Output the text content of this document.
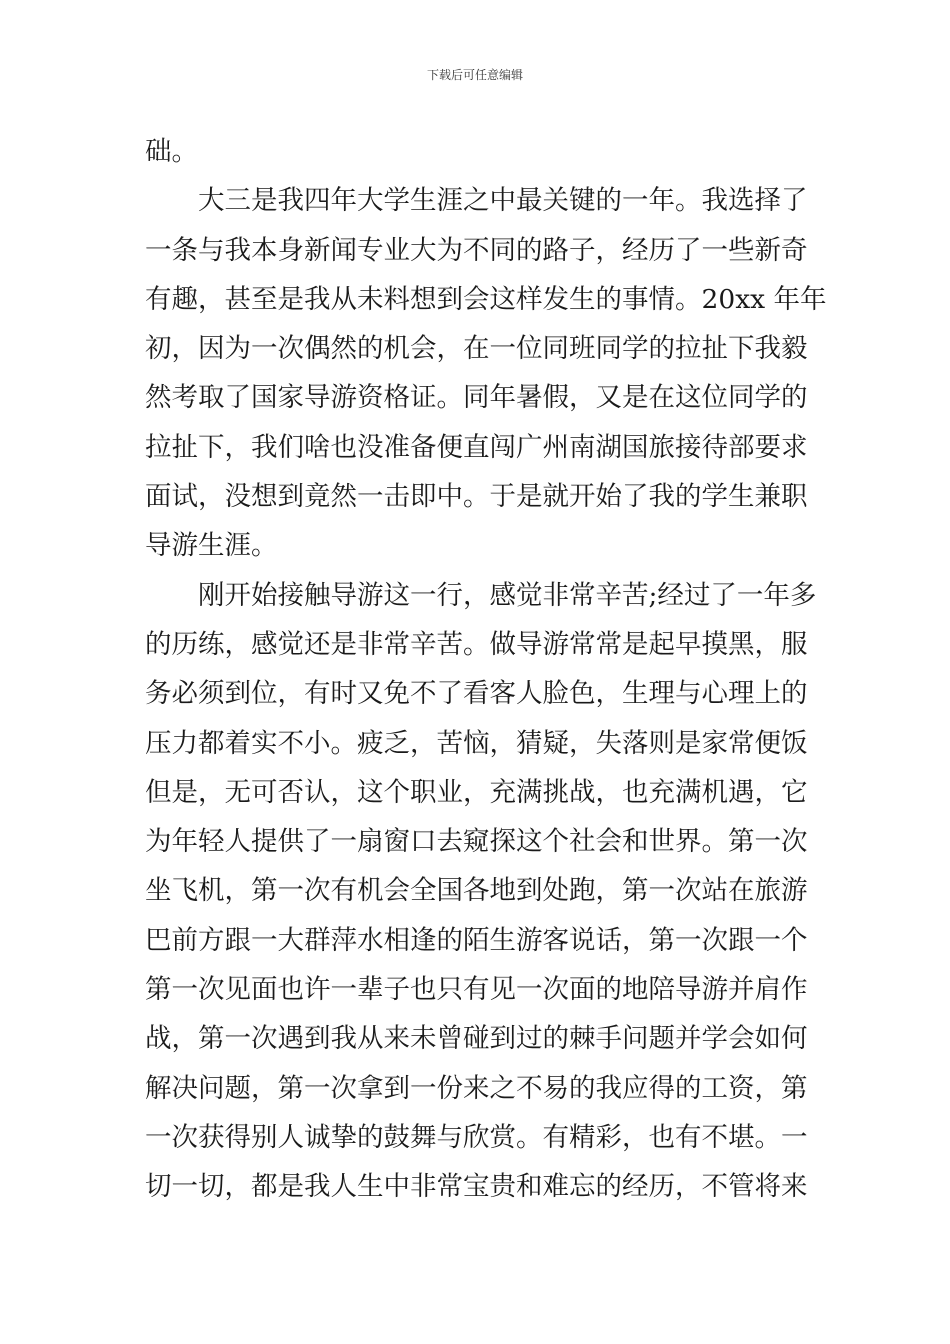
下载后可任意编辑

础。

大三是我四年大学生涯之中最关键的一年。我选择了
一条与我本身新闻专业大为不同的路子，经历了一些新奇
有趣，甚至是我从未料想到会这样发生的事情。20xx 年年
初，因为一次偶然的机会，在一位同班同学的拉扯下我毅
然考取了国家导游资格证。同年暑假，又是在这位同学的
拉扯下，我们啥也没准备便直闯广州南湖国旅接待部要求
面试，没想到竟然一击即中。于是就开始了我的学生兼职
导游生涯。

刚开始接触导游这一行，感觉非常辛苦;经过了一年多
的历练，感觉还是非常辛苦。做导游常常是起早摸黑，服
务必须到位，有时又免不了看客人脸色，生理与心理上的
压力都着实不小。疲乏，苦恼，猜疑，失落则是家常便饭
但是，无可否认，这个职业，充满挑战，也充满机遇，它
为年轻人提供了一扇窗口去窥探这个社会和世界。第一次
坐飞机，第一次有机会全国各地到处跑，第一次站在旅游
巴前方跟一大群萍水相逢的陌生游客说话，第一次跟一个
第一次见面也许一辈子也只有见一次面的地陪导游并肩作
战，第一次遇到我从来未曾碰到过的棘手问题并学会如何
解决问题，第一次拿到一份来之不易的我应得的工资，第
一次获得别人诚挚的鼓舞与欣赏。有精彩，也有不堪。一
切一切，都是我人生中非常宝贵和难忘的经历，不管将来
